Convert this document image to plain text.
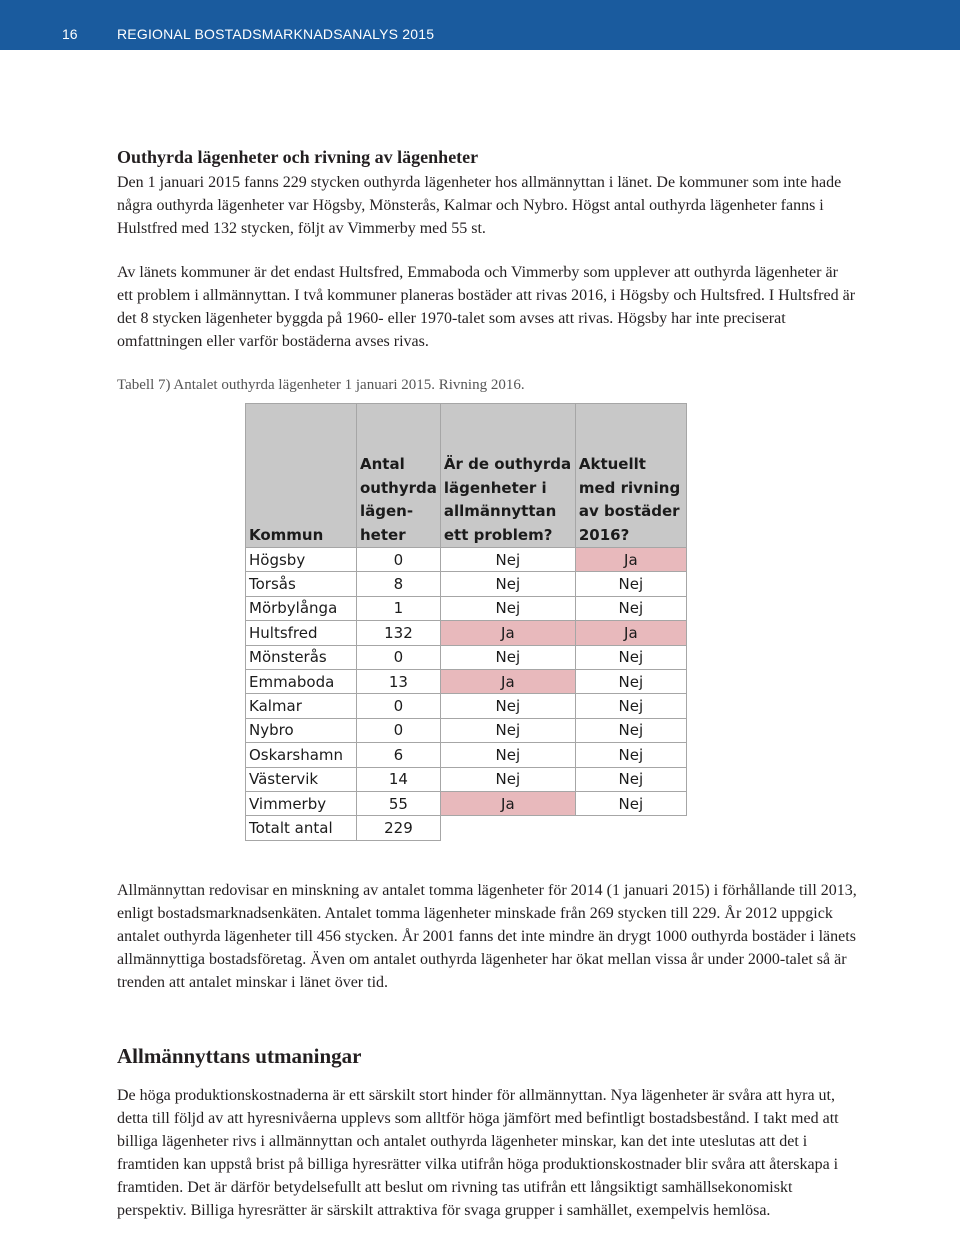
16	REGIONAL BOSTADSMARKNADSANALYS 2015
Outhyrda lägenheter och rivning av lägenheter

Den 1 januari 2015 fanns 229 stycken outhyrda lägenheter hos allmännyttan i länet. De kommuner som inte hade några outhyrda lägenheter var Högsby, Mönsterås, Kalmar och Nybro. Högst antal outhyrda lägenheter fanns i Hulstfred med 132 stycken, följt av Vimmerby med 55 st.

Av länets kommuner är det endast Hultsfred, Emmaboda och Vimmerby som upplever att outhyrda lägenheter är ett problem i allmännyttan. I två kommuner planeras bostäder att rivas 2016, i Högsby och Hultsfred. I Hultsfred är det 8 stycken lägenheter byggda på 1960- eller 1970-talet som avses att rivas. Högsby har inte preciserat omfattningen eller varför bostäderna avses rivas.

Tabell 7) Antalet outhyrda lägenheter 1 januari 2015. Rivning 2016.
Kommun	Antal outhyrda lägen-heter	Är de outhyrda lägenheter i allmännyttan ett problem?	Aktuellt med rivning av bostäder 2016?
Högsby	0	Nej	Ja
Torsås	8	Nej	Nej
Mörbylånga	1	Nej	Nej
Hultsfred	132	Ja	Ja
Mönsterås	0	Nej	Nej
Emmaboda	13	Ja	Nej
Kalmar	0	Nej	Nej
Nybro	0	Nej	Nej
Oskarshamn	6	Nej	Nej
Västervik	14	Nej	Nej
Vimmerby	55	Ja	Nej
Totalt antal	229		

Allmännyttan redovisar en minskning av antalet tomma lägenheter för 2014 (1 januari 2015) i förhållande till 2013, enligt bostadsmarknadsenkäten. Antalet tomma lägenheter minskade från 269 stycken till 229. År 2012 uppgick antalet outhyrda lägenheter till 456 stycken. År 2001 fanns det inte mindre än drygt 1000 outhyrda bostäder i länets allmännyttiga bostadsföretag. Även om antalet outhyrda lägenheter har ökat mellan vissa år under 2000-talet så är trenden att antalet minskar i länet över tid.

Allmännyttans utmaningar

De höga produktionskostnaderna är ett särskilt stort hinder för allmännyttan. Nya lägenheter är svåra att hyra ut, detta till följd av att hyresnivåerna upplevs som alltför höga jämfört med befintligt bostadsbestånd. I takt med att billiga lägenheter rivs i allmännyttan och antalet outhyrda lägenheter minskar, kan det inte uteslutas att det i framtiden kan uppstå brist på billiga hyresrätter vilka utifrån höga produktionskostnader blir svåra att återskapa i framtiden. Det är därför betydelsefullt att beslut om rivning tas utifrån ett långsiktigt samhällsekonomiskt perspektiv. Billiga hyresrätter är särskilt attraktiva för svaga grupper i samhället, exempelvis hemlösa.
